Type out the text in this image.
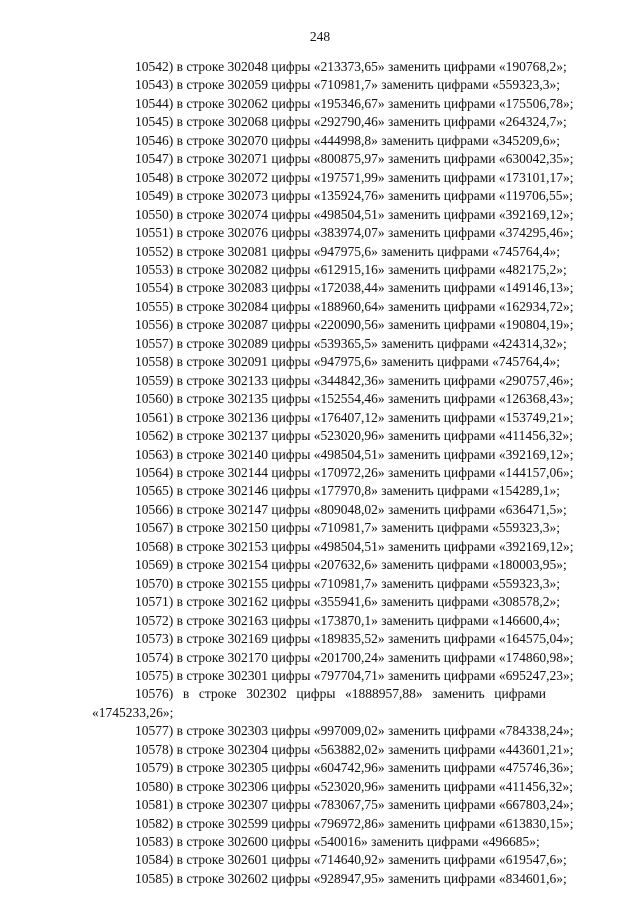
248
10542) в строке 302048 цифры «213373,65» заменить цифрами «190768,2»;
10543) в строке 302059 цифры «710981,7» заменить цифрами «559323,3»;
10544) в строке 302062 цифры «195346,67» заменить цифрами «175506,78»;
10545) в строке 302068 цифры «292790,46» заменить цифрами «264324,7»;
10546) в строке 302070 цифры «444998,8» заменить цифрами «345209,6»;
10547) в строке 302071 цифры «800875,97» заменить цифрами «630042,35»;
10548) в строке 302072 цифры «197571,99» заменить цифрами «173101,17»;
10549) в строке 302073 цифры «135924,76» заменить цифрами «119706,55»;
10550) в строке 302074 цифры «498504,51» заменить цифрами «392169,12»;
10551) в строке 302076 цифры «383974,07» заменить цифрами «374295,46»;
10552) в строке 302081 цифры «947975,6» заменить цифрами «745764,4»;
10553) в строке 302082 цифры «612915,16» заменить цифрами «482175,2»;
10554) в строке 302083 цифры «172038,44» заменить цифрами «149146,13»;
10555) в строке 302084 цифры «188960,64» заменить цифрами «162934,72»;
10556) в строке 302087 цифры «220090,56» заменить цифрами «190804,19»;
10557) в строке 302089 цифры «539365,5» заменить цифрами «424314,32»;
10558) в строке 302091 цифры «947975,6» заменить цифрами «745764,4»;
10559) в строке 302133 цифры «344842,36» заменить цифрами «290757,46»;
10560) в строке 302135 цифры «152554,46» заменить цифрами «126368,43»;
10561) в строке 302136 цифры «176407,12» заменить цифрами «153749,21»;
10562) в строке 302137 цифры «523020,96» заменить цифрами «411456,32»;
10563) в строке 302140 цифры «498504,51» заменить цифрами «392169,12»;
10564) в строке 302144 цифры «170972,26» заменить цифрами «144157,06»;
10565) в строке 302146 цифры «177970,8» заменить цифрами «154289,1»;
10566) в строке 302147 цифры «809048,02» заменить цифрами «636471,5»;
10567) в строке 302150 цифры «710981,7» заменить цифрами «559323,3»;
10568) в строке 302153 цифры «498504,51» заменить цифрами «392169,12»;
10569) в строке 302154 цифры «207632,6» заменить цифрами «180003,95»;
10570) в строке 302155 цифры «710981,7» заменить цифрами «559323,3»;
10571) в строке 302162 цифры «355941,6» заменить цифрами «308578,2»;
10572) в строке 302163 цифры «173870,1» заменить цифрами «146600,4»;
10573) в строке 302169 цифры «189835,52» заменить цифрами «164575,04»;
10574) в строке 302170 цифры «201700,24» заменить цифрами «174860,98»;
10575) в строке 302301 цифры «797704,71» заменить цифрами «695247,23»;
10576) в строке 302302 цифры «1888957,88» заменить цифрами
«1745233,26»;
10577) в строке 302303 цифры «997009,02» заменить цифрами «784338,24»;
10578) в строке 302304 цифры «563882,02» заменить цифрами «443601,21»;
10579) в строке 302305 цифры «604742,96» заменить цифрами «475746,36»;
10580) в строке 302306 цифры «523020,96» заменить цифрами «411456,32»;
10581) в строке 302307 цифры «783067,75» заменить цифрами «667803,24»;
10582) в строке 302599 цифры «796972,86» заменить цифрами «613830,15»;
10583) в строке 302600 цифры «540016» заменить цифрами «496685»;
10584) в строке 302601 цифры «714640,92» заменить цифрами «619547,6»;
10585) в строке 302602 цифры «928947,95» заменить цифрами «834601,6»;
